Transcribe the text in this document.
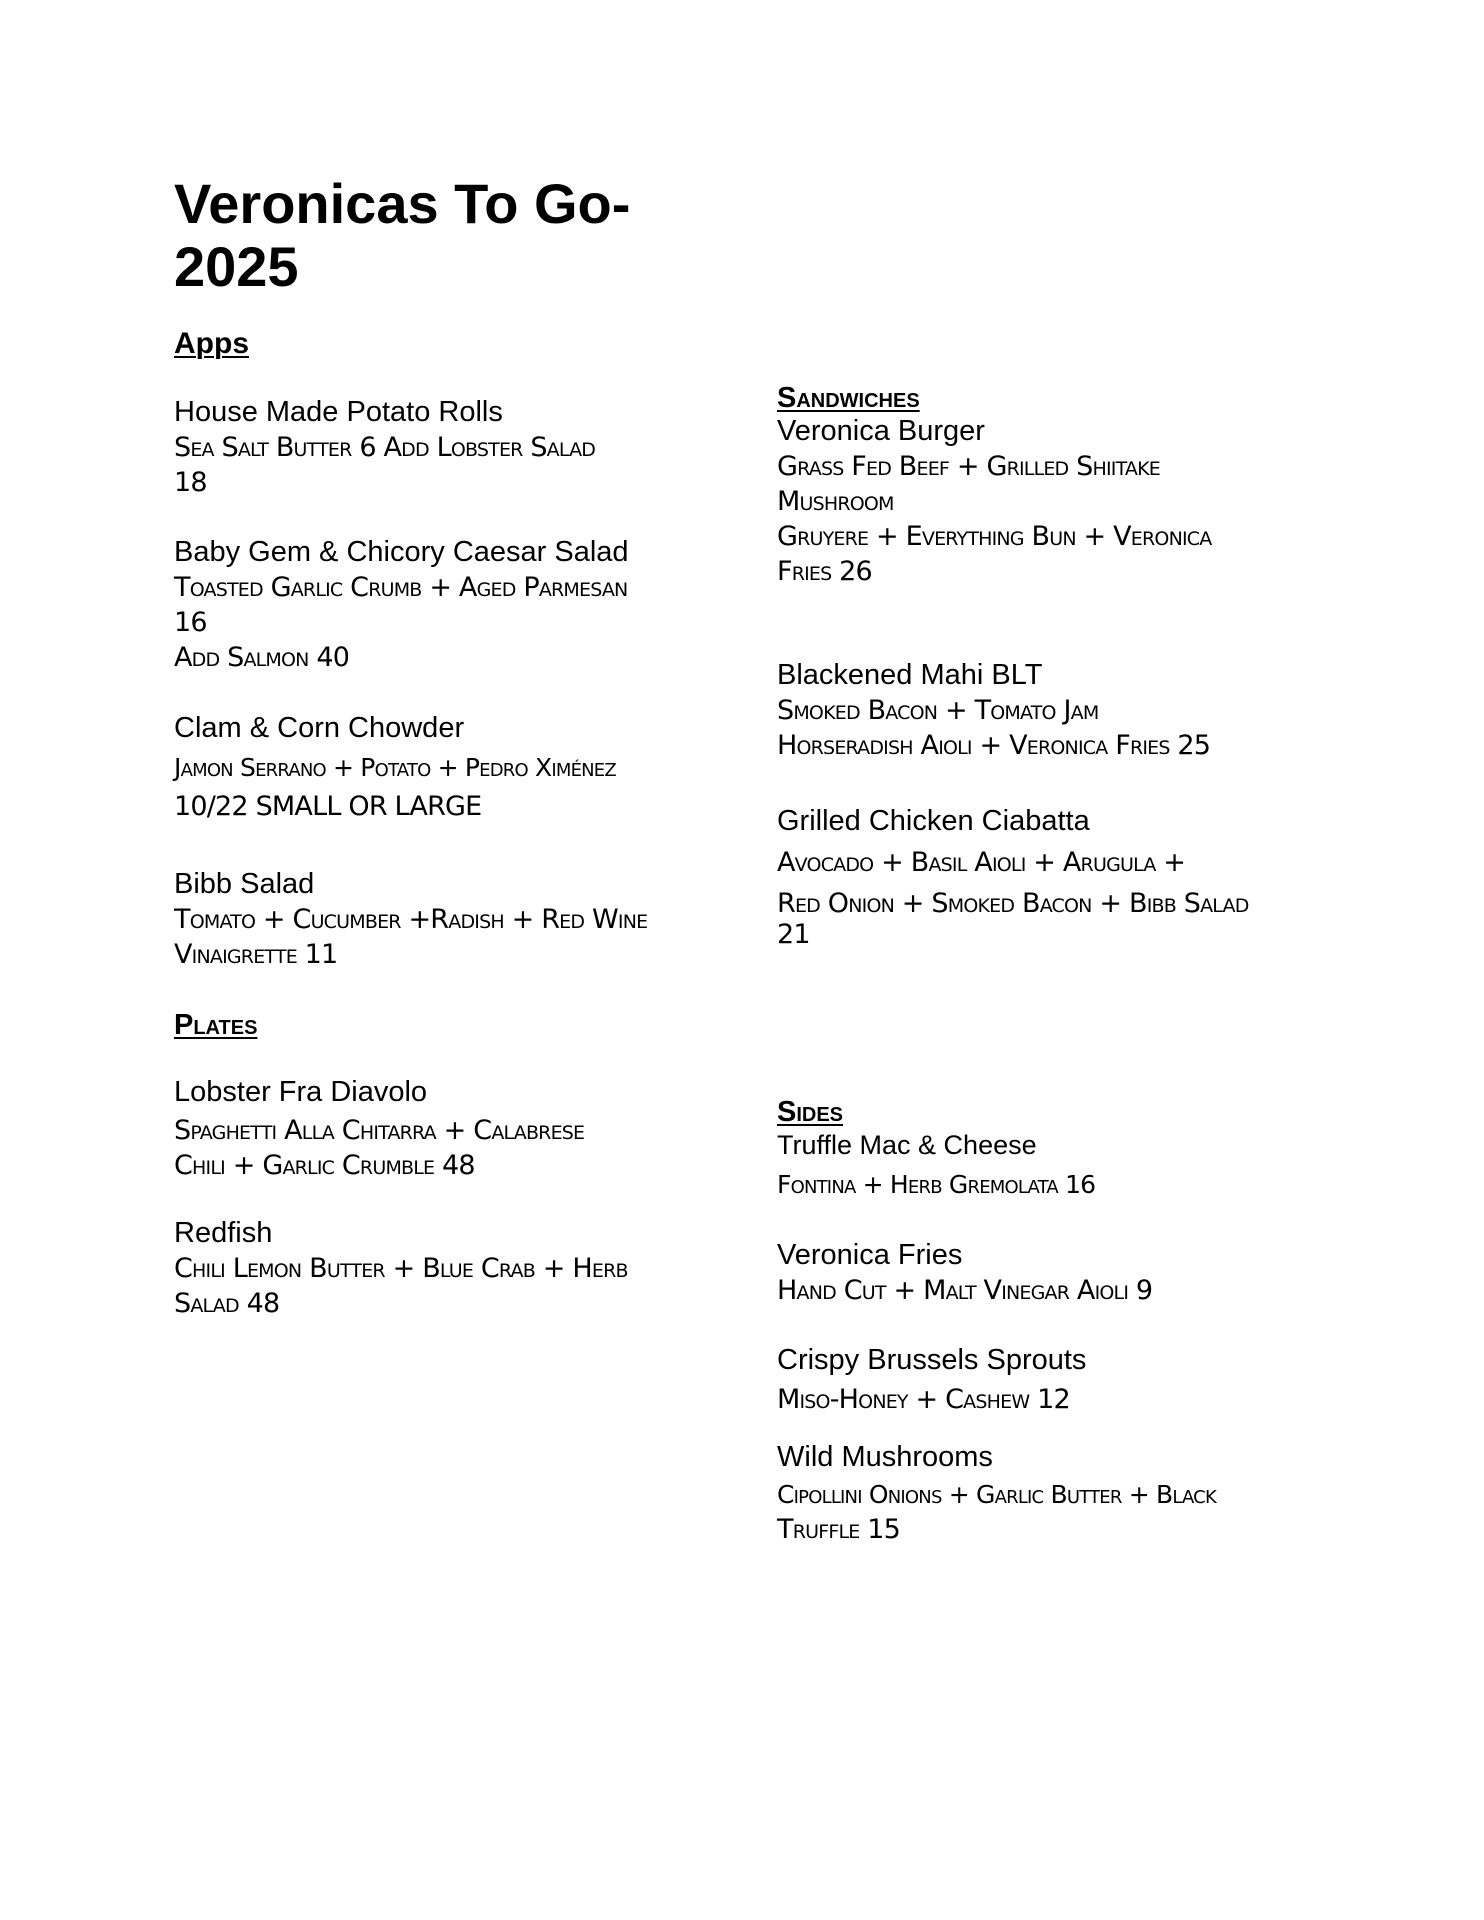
Veronicas To Go- 2025
Apps
House Made Potato Rolls
Sea Salt Butter 6 Add Lobster Salad
18
Baby Gem & Chicory Caesar Salad
Toasted Garlic Crumb + Aged Parmesan
16
Add Salmon 40
Clam & Corn Chowder
Jamon Serrano + Potato + Pedro Ximénez
10/22 SMALL OR LARGE
Bibb Salad
Tomato + Cucumber +Radish + Red Wine
Vinaigrette 11
Plates
Lobster Fra Diavolo
Spaghetti Alla Chitarra + Calabrese
Chili + Garlic Crumble 48
Redfish
Chili Lemon Butter + Blue Crab + Herb
Salad 48
Sandwiches
Veronica Burger
Grass Fed Beef + Grilled Shiitake
Mushroom
Gruyere + Everything Bun + Veronica
Fries 26
Blackened Mahi BLT
Smoked Bacon + Tomato Jam
Horseradish Aioli + Veronica Fries 25
Grilled Chicken Ciabatta
Avocado + Basil Aioli + Arugula +
Red Onion + Smoked Bacon + Bibb Salad
21
Sides
Truffle Mac & Cheese
Fontina + Herb Gremolata 16
Veronica Fries
Hand Cut + Malt Vinegar Aioli 9
Crispy Brussels Sprouts
Miso-Honey + Cashew 12
Wild Mushrooms
Cipollini Onions + Garlic Butter + Black
Truffle 15
